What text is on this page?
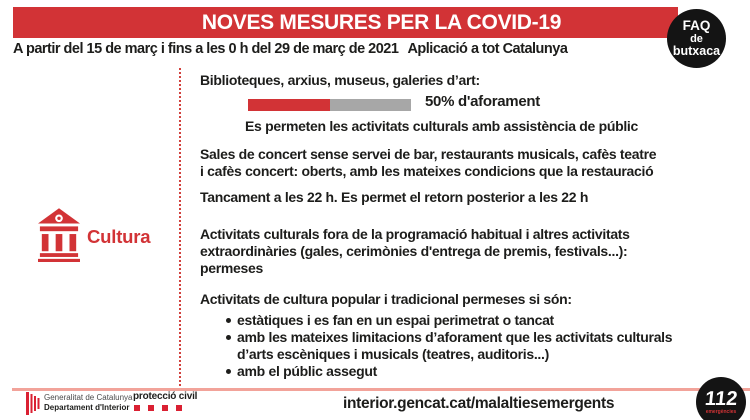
NOVES MESURES PER LA COVID-19	FAQ
de
butxaca
A partir del 15 de març i fins a les 0 h del 29 de març de 2021 Aplicació a tot Catalunya
Cultura
Biblioteques, arxius, museus, galeries d’art:
50% d'aforament
Es permeten les activitats culturals amb assistència de públic
Sales de concert sense servei de bar, restaurants musicals, cafès teatre
i cafès concert: oberts, amb les mateixes condicions que la restauració
Tancament a les 22 h. Es permet el retorn posterior a les 22 h
Activitats culturals fora de la programació habitual i altres activitats
extraordinàries (gales, cerimònies d'entrega de premis, festivals...):
permeses
Activitats de cultura popular i tradicional permeses si són:
estàtiques i es fan en un espai perimetrat o tancat
amb les mateixes limitacions d’aforament que les activitats culturals
d’arts escèniques i musicals (teatres, auditoris...)
amb el públic assegut
Generalitat de Catalunya
Departament d'Interior
protecció civil	interior.gencat.cat/malaltiesemergents	112
emergències
